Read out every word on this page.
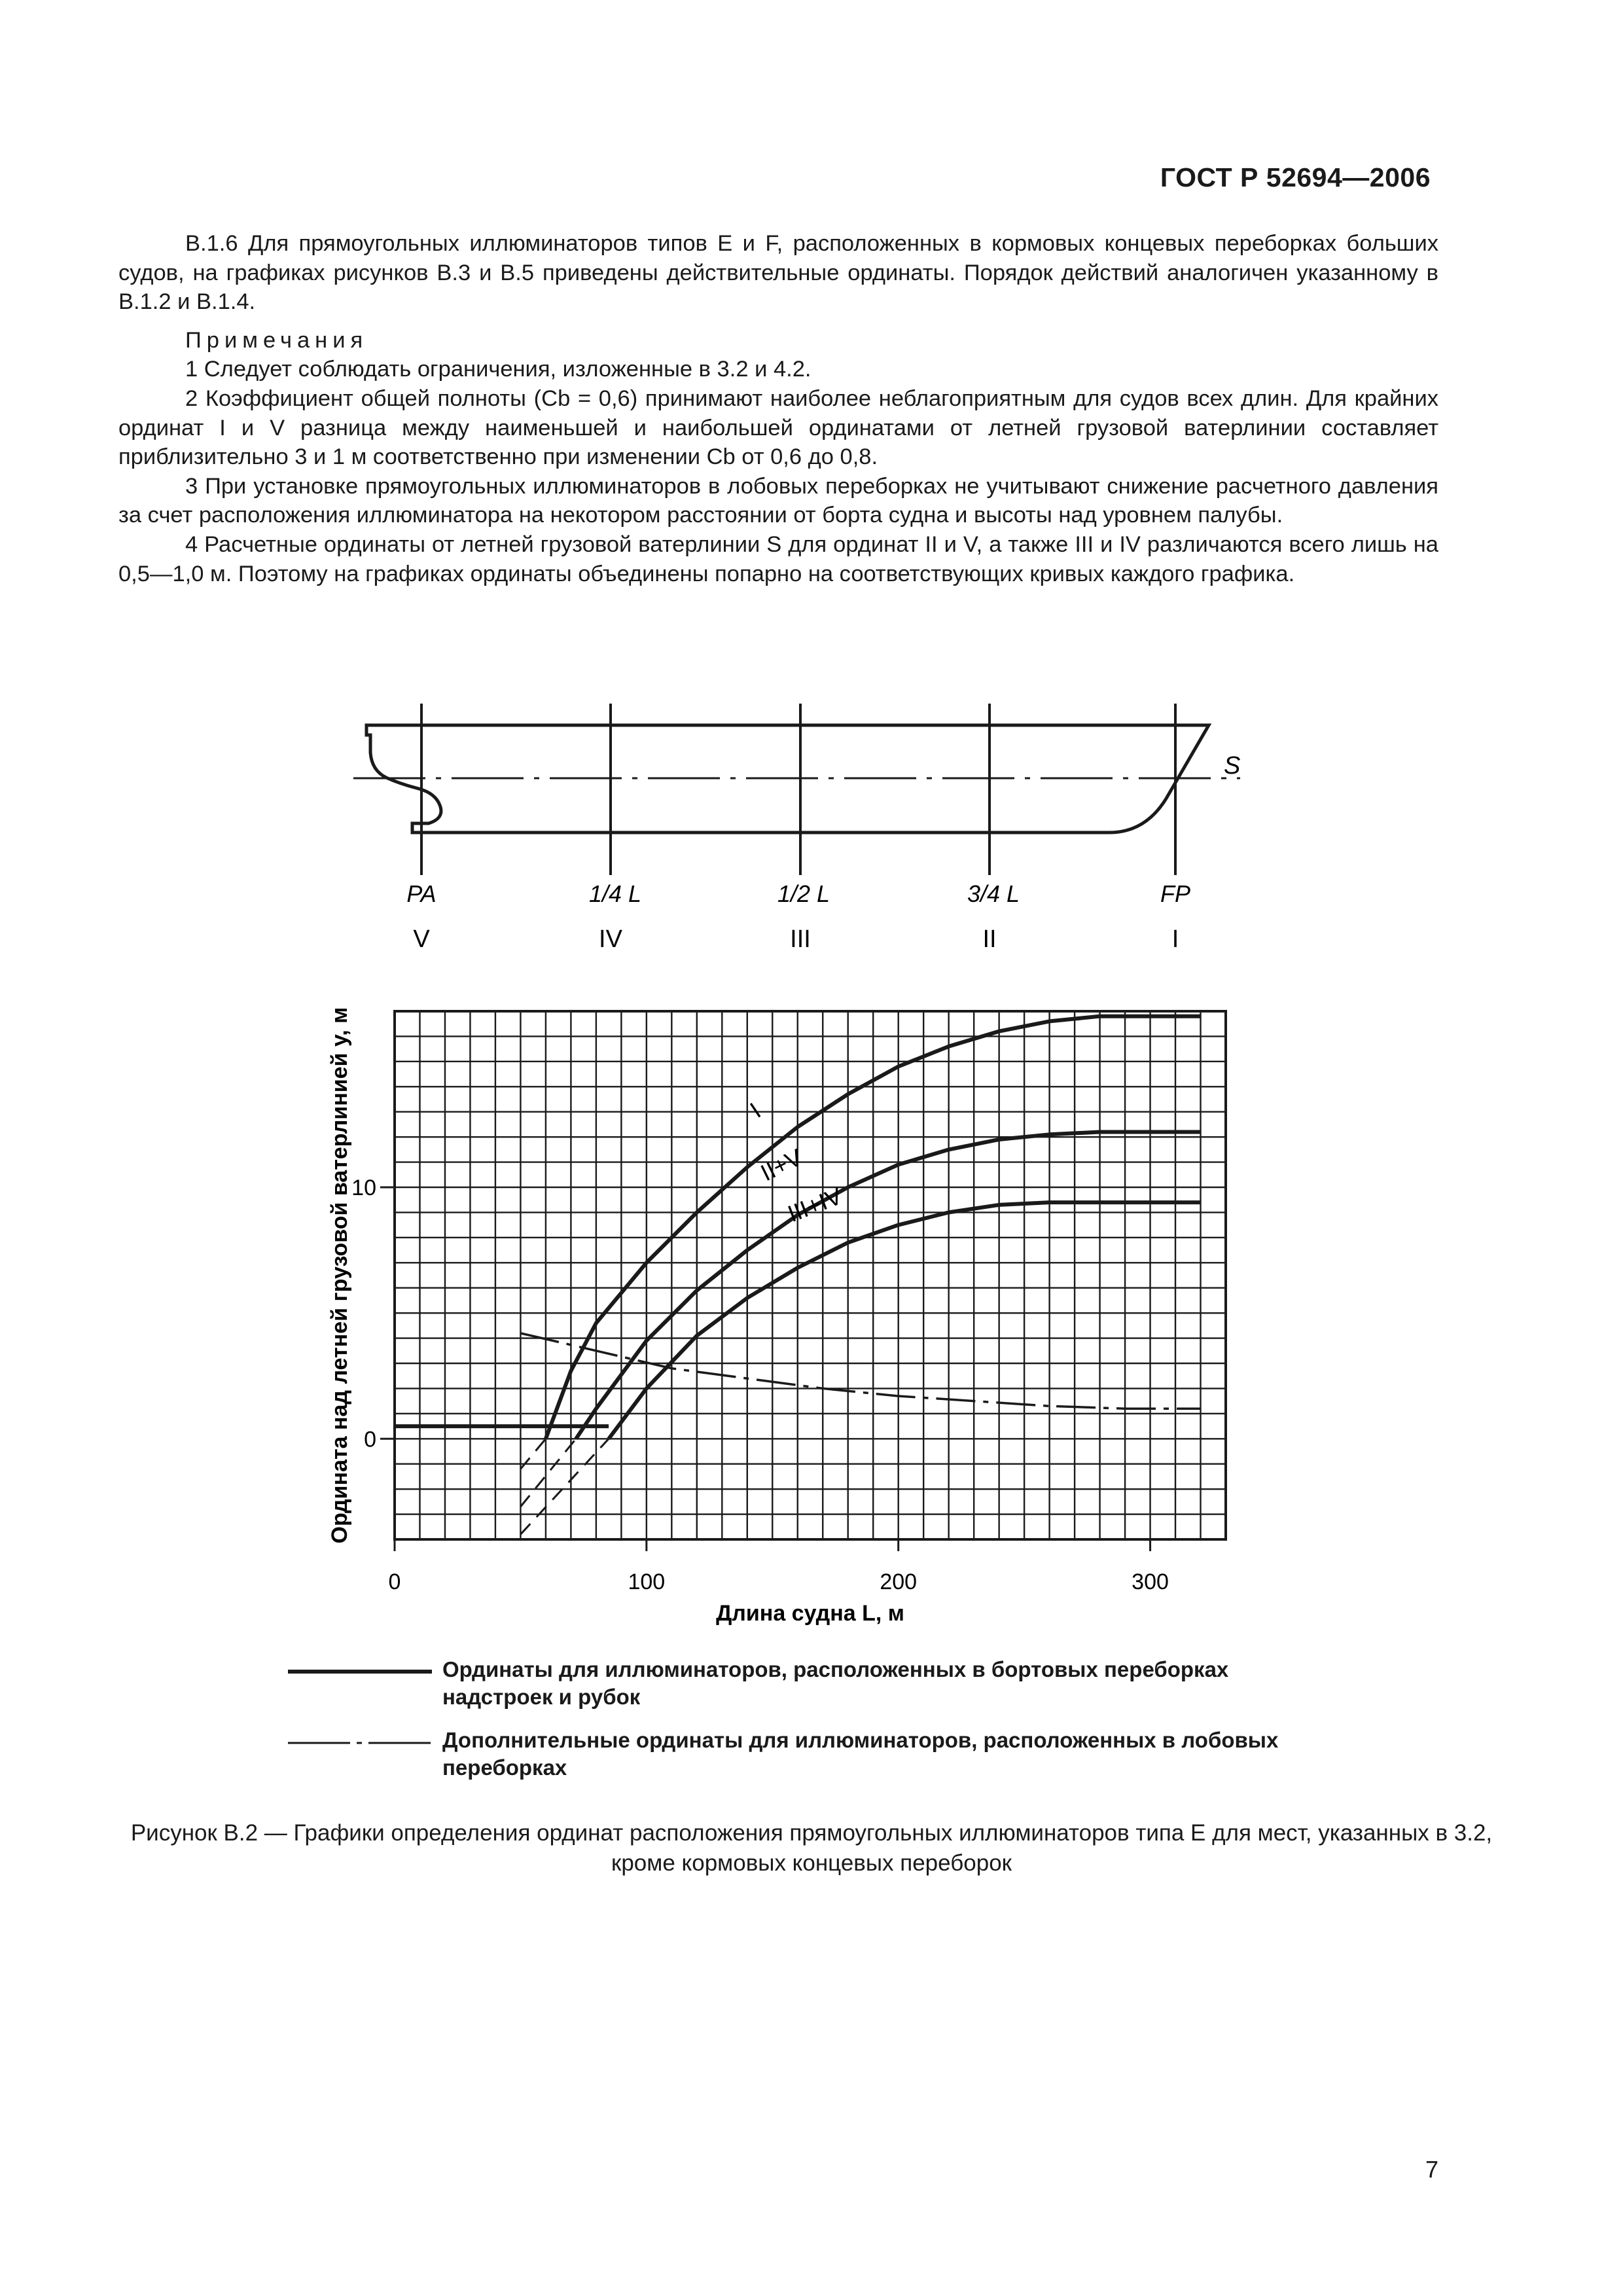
ГОСТ Р 52694—2006

В.1.6 Для прямоугольных иллюминаторов типов Е и F, расположенных в кормовых концевых переборках больших судов, на графиках рисунков В.3 и В.5 приведены действительные ординаты. Порядок действий аналогичен указанному в В.1.2 и В.1.4.

Примечания

1 Следует соблюдать ограничения, изложенные в 3.2 и 4.2.

2 Коэффициент общей полноты (Cb = 0,6) принимают наиболее неблагоприятным для судов всех длин. Для крайних ординат I и V разница между наименьшей и наибольшей ординатами от летней грузовой ватерлинии составляет приблизительно 3 и 1 м соответственно при изменении Cb от 0,6 до 0,8.

3 При установке прямоугольных иллюминаторов в лобовых переборках не учитывают снижение расчетного давления за счет расположения иллюминатора на некотором расстоянии от борта судна и высоты над уровнем палубы.

4 Расчетные ординаты от летней грузовой ватерлинии S для ординат II и V, а также III и IV различаются всего лишь на 0,5—1,0 м. Поэтому на графиках ординаты объединены попарно на соответствующих кривых каждого графика.

S
PA	1/4 L	1/2 L	3/4 L	FP
V	IV	III	II	I
0	100	200	300
0
10
Длина судна L, м
Ордината над летней грузовой ватерлинией y, м	I
II+V
III+IV
Ординаты для иллюминаторов, расположенных в бортовых переборках надстроек и рубок
Дополнительные ординаты для иллюминаторов, расположенных в лобовых переборках
Рисунок В.2 — Графики определения ординат расположения прямоугольных иллюминаторов типа Е для мест, указанных в 3.2, кроме кормовых концевых переборок
7
